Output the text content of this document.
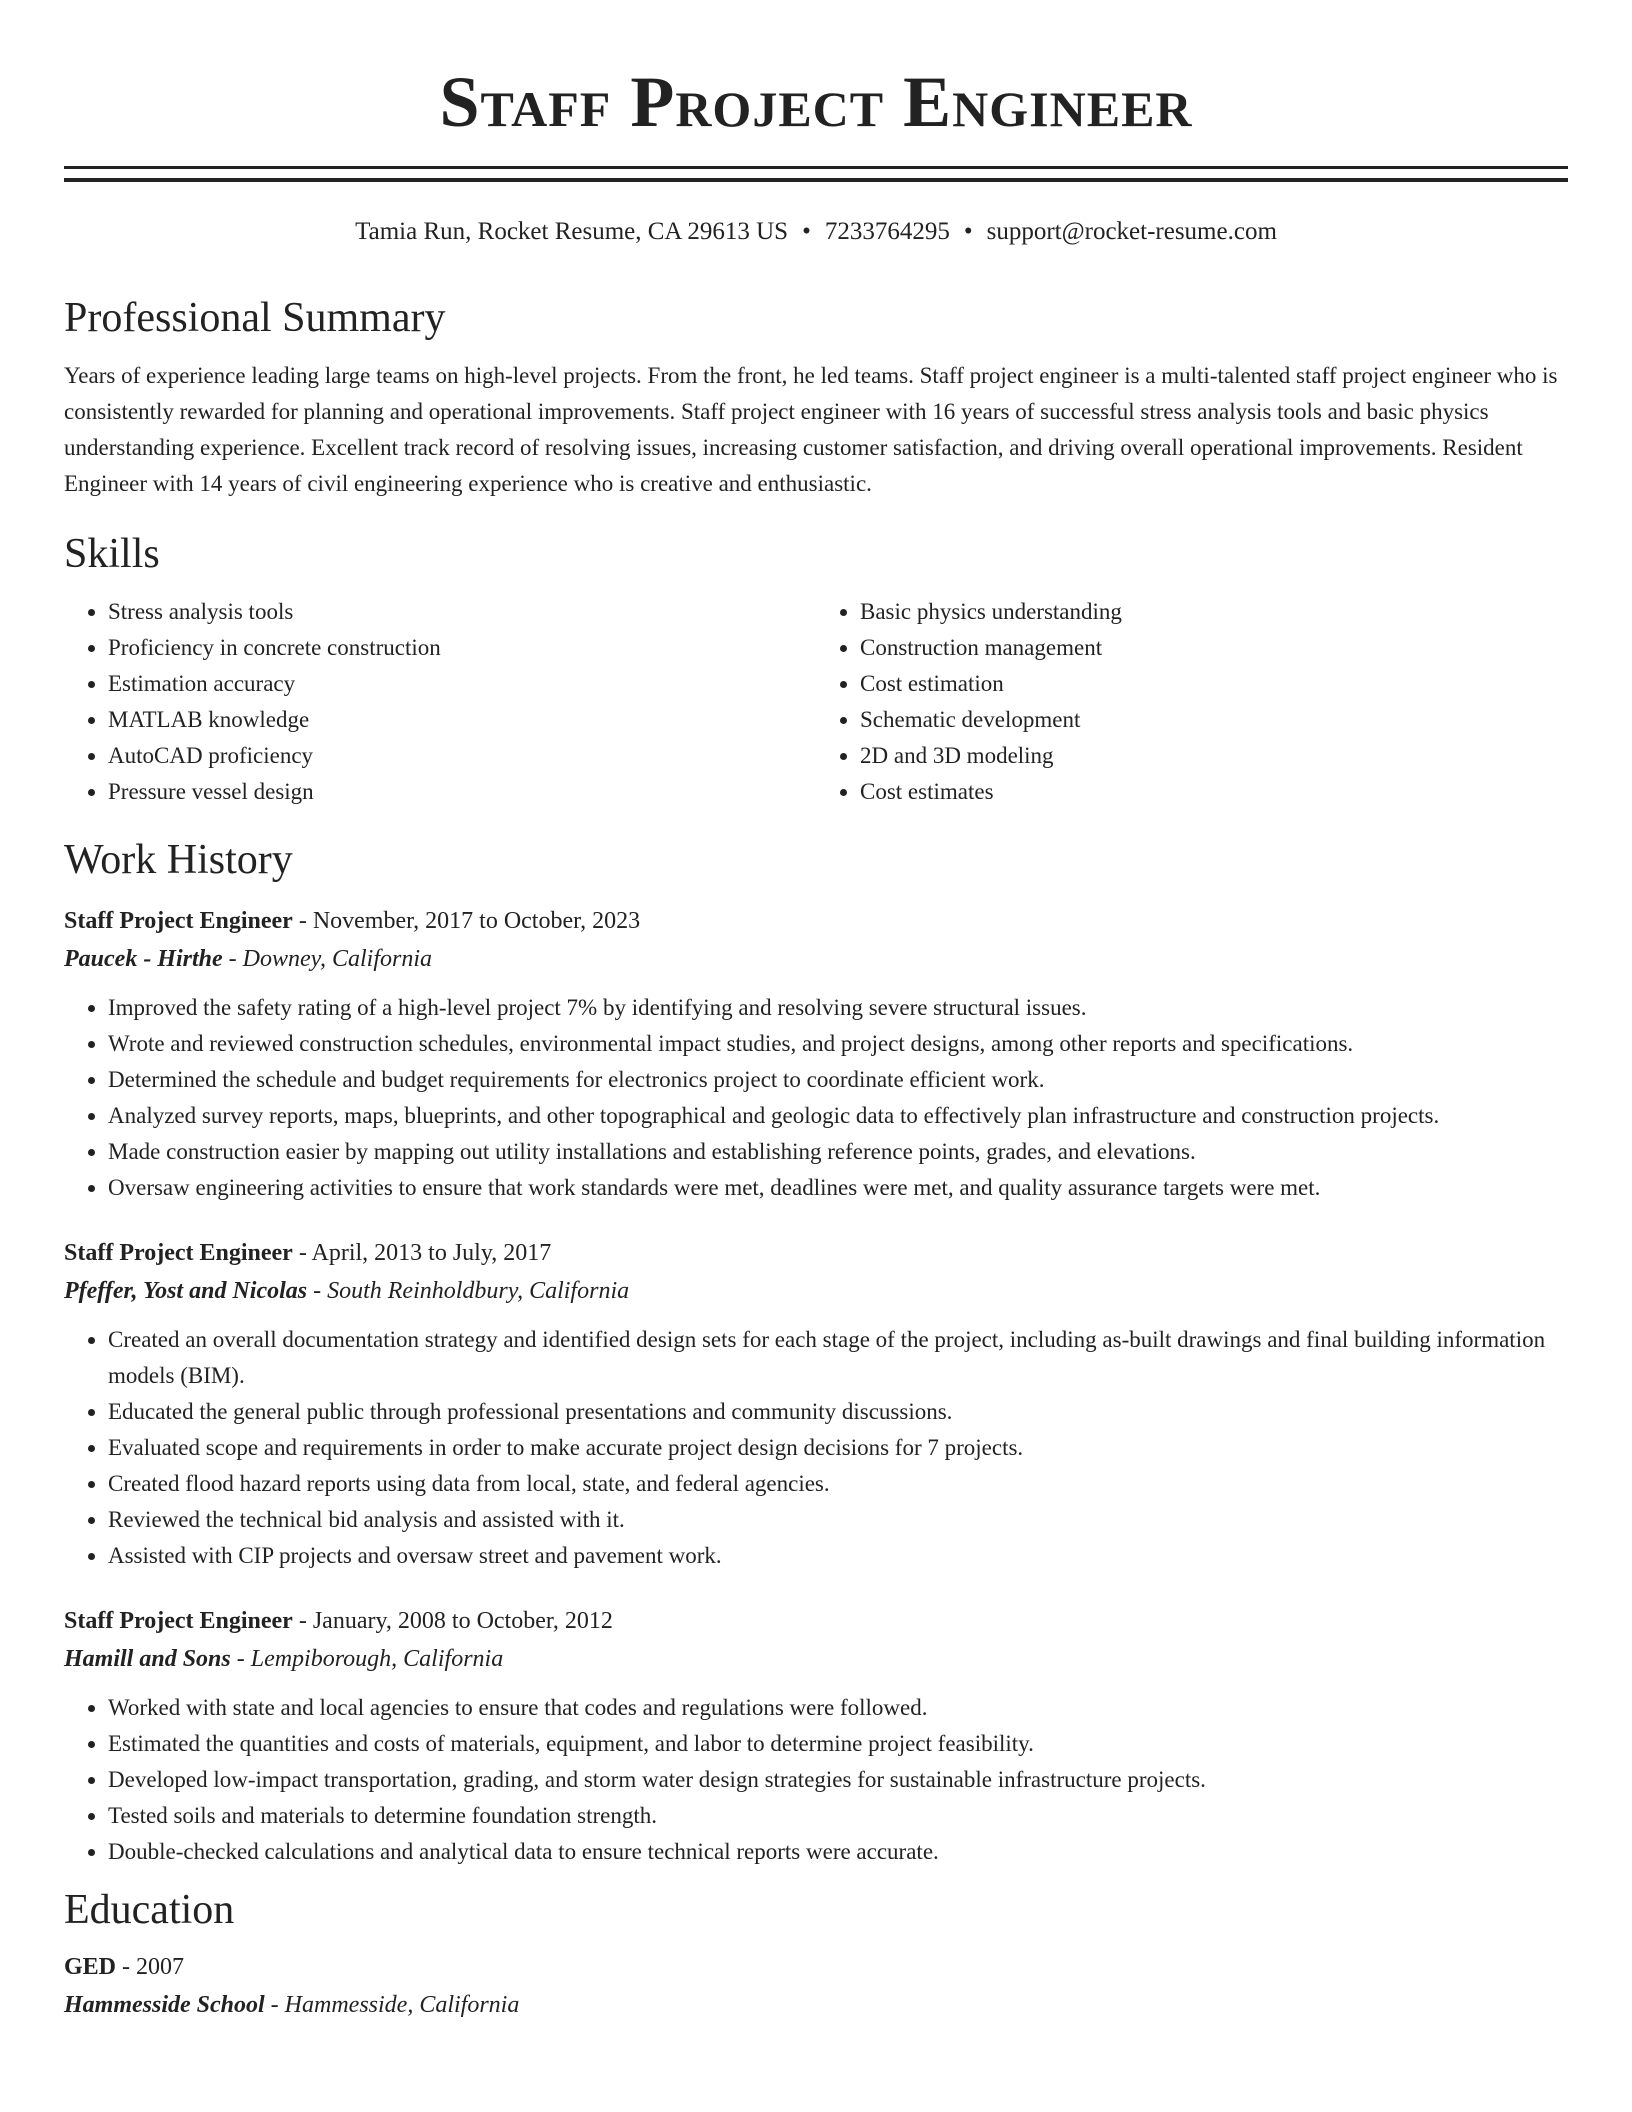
Staff Project Engineer
Tamia Run, Rocket Resume, CA 29613 US • 7233764295 • support@rocket-resume.com
Professional Summary

Years of experience leading large teams on high-level projects. From the front, he led teams. Staff project engineer is a multi-talented staff project engineer who is consistently rewarded for planning and operational improvements. Staff project engineer with 16 years of successful stress analysis tools and basic physics understanding experience. Excellent track record of resolving issues, increasing customer satisfaction, and driving overall operational improvements. Resident Engineer with 14 years of civil engineering experience who is creative and enthusiastic.

Skills
• Stress analysis tools
• Proficiency in concrete construction
• Estimation accuracy
• MATLAB knowledge
• AutoCAD proficiency
• Pressure vessel design
• Basic physics understanding
• Construction management
• Cost estimation
• Schematic development
• 2D and 3D modeling
• Cost estimates
Work History
Staff Project Engineer - November, 2017 to October, 2023
Paucek - Hirthe - Downey, California
• Improved the safety rating of a high-level project 7% by identifying and resolving severe structural issues.
• Wrote and reviewed construction schedules, environmental impact studies, and project designs, among other reports and specifications.
• Determined the schedule and budget requirements for electronics project to coordinate efficient work.
• Analyzed survey reports, maps, blueprints, and other topographical and geologic data to effectively plan infrastructure and construction projects.
• Made construction easier by mapping out utility installations and establishing reference points, grades, and elevations.
• Oversaw engineering activities to ensure that work standards were met, deadlines were met, and quality assurance targets were met.
Staff Project Engineer - April, 2013 to July, 2017
Pfeffer, Yost and Nicolas - South Reinholdbury, California
• Created an overall documentation strategy and identified design sets for each stage of the project, including as-built drawings and final building information models (BIM).
• Educated the general public through professional presentations and community discussions.
• Evaluated scope and requirements in order to make accurate project design decisions for 7 projects.
• Created flood hazard reports using data from local, state, and federal agencies.
• Reviewed the technical bid analysis and assisted with it.
• Assisted with CIP projects and oversaw street and pavement work.
Staff Project Engineer - January, 2008 to October, 2012
Hamill and Sons - Lempiborough, California
• Worked with state and local agencies to ensure that codes and regulations were followed.
• Estimated the quantities and costs of materials, equipment, and labor to determine project feasibility.
• Developed low-impact transportation, grading, and storm water design strategies for sustainable infrastructure projects.
• Tested soils and materials to determine foundation strength.
• Double-checked calculations and analytical data to ensure technical reports were accurate.
Education
GED - 2007
Hammesside School - Hammesside, California
